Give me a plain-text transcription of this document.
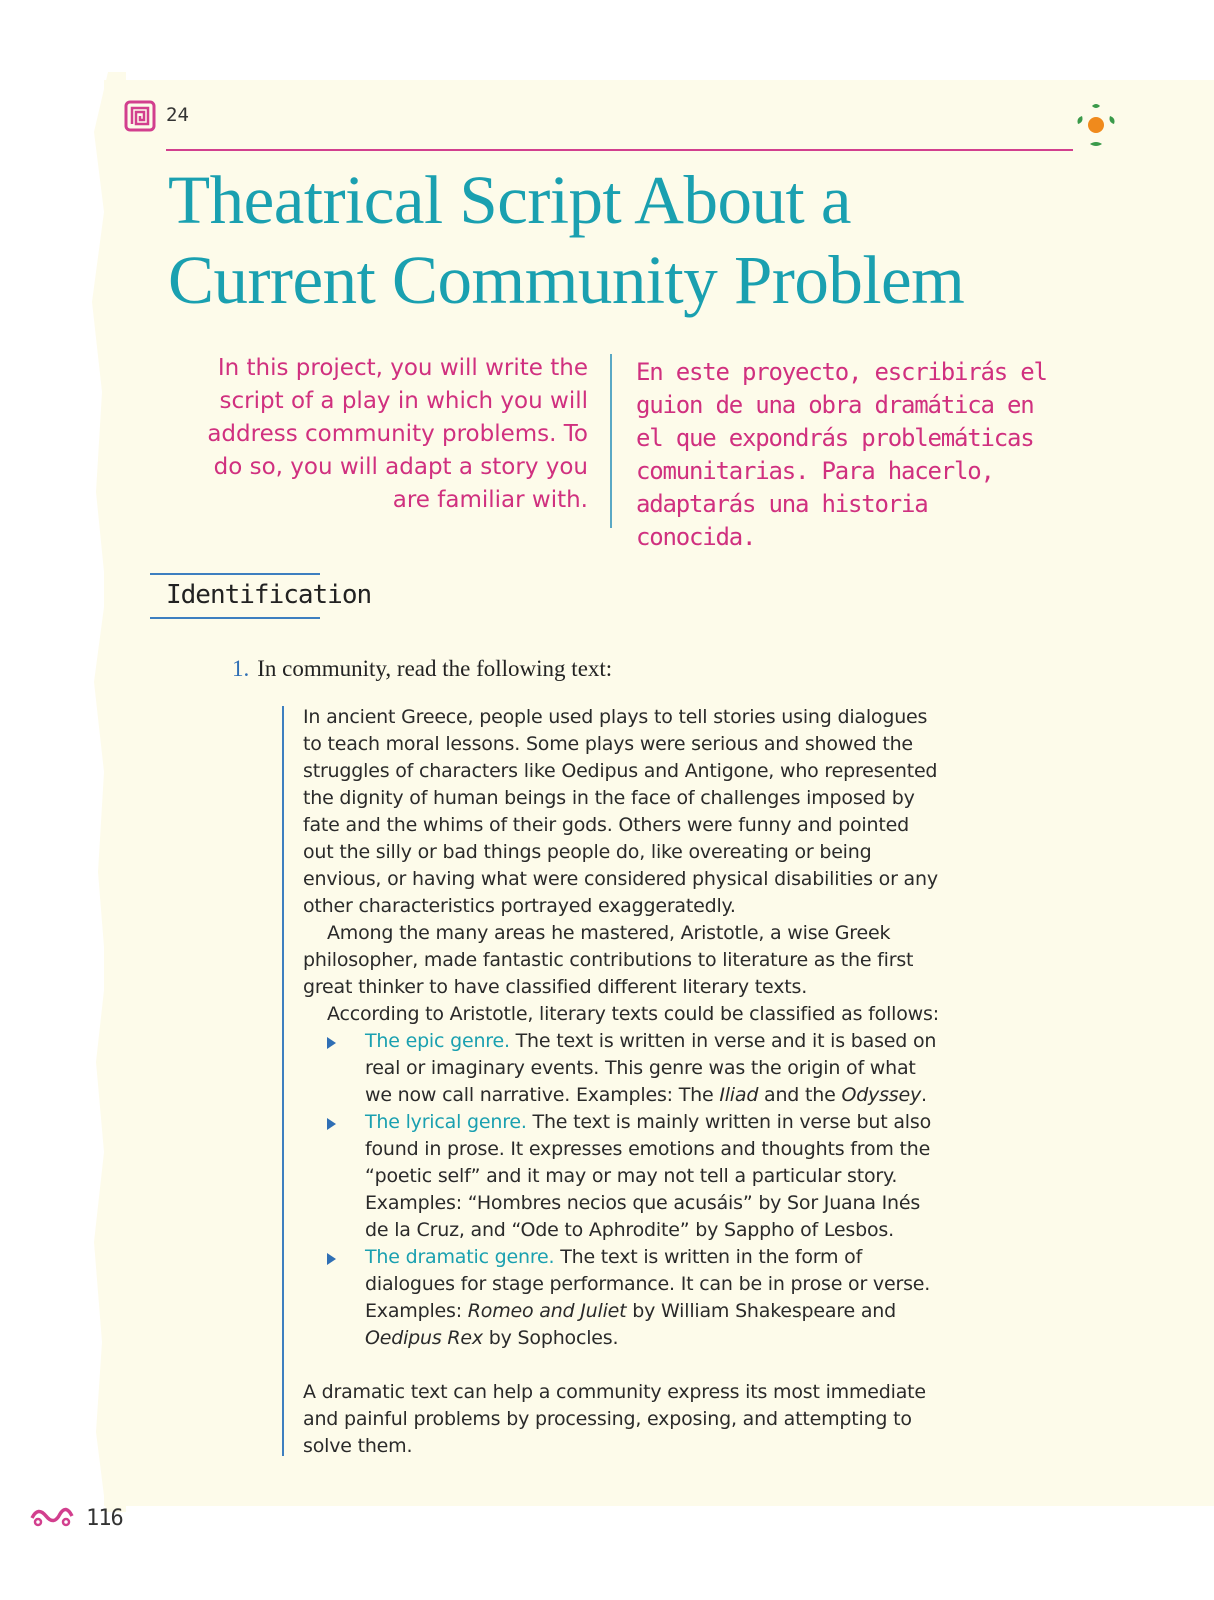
24
Theatrical Script About a Current Community Problem
In this project, you will write the script of a play in which you will address community problems. To do so, you will adapt a story you are familiar with.
En este proyecto, escribirás el guion de una obra dramática en el que expondrás problemáticas comunitarias. Para hacerlo, adaptarás una historia conocida.
Identification
1. In community, read the following text:

In ancient Greece, people used plays to tell stories using dialogues to teach moral lessons. Some plays were serious and showed the struggles of characters like Oedipus and Antigone, who represented the dignity of human beings in the face of challenges imposed by fate and the whims of their gods. Others were funny and pointed out the silly or bad things people do, like overeating or being envious, or having what were considered physical disabilities or any other characteristics portrayed exaggeratedly.

Among the many areas he mastered, Aristotle, a wise Greek philosopher, made fantastic contributions to literature as the first great thinker to have classified different literary texts.

According to Aristotle, literary texts could be classified as follows:

The epic genre. The text is written in verse and it is based on real or imaginary events. This genre was the origin of what we now call narrative. Examples: The Iliad and the Odyssey.
The lyrical genre. The text is mainly written in verse but also found in prose. It expresses emotions and thoughts from the “poetic self” and it may or may not tell a particular story. Examples: “Hombres necios que acusáis” by Sor Juana Inés de la Cruz, and “Ode to Aphrodite” by Sappho of Lesbos.
The dramatic genre. The text is written in the form of dialogues for stage performance. It can be in prose or verse. Examples: Romeo and Juliet by William Shakespeare and Oedipus Rex by Sophocles.

A dramatic text can help a community express its most immediate and painful problems by processing, exposing, and attempting to solve them.

116
